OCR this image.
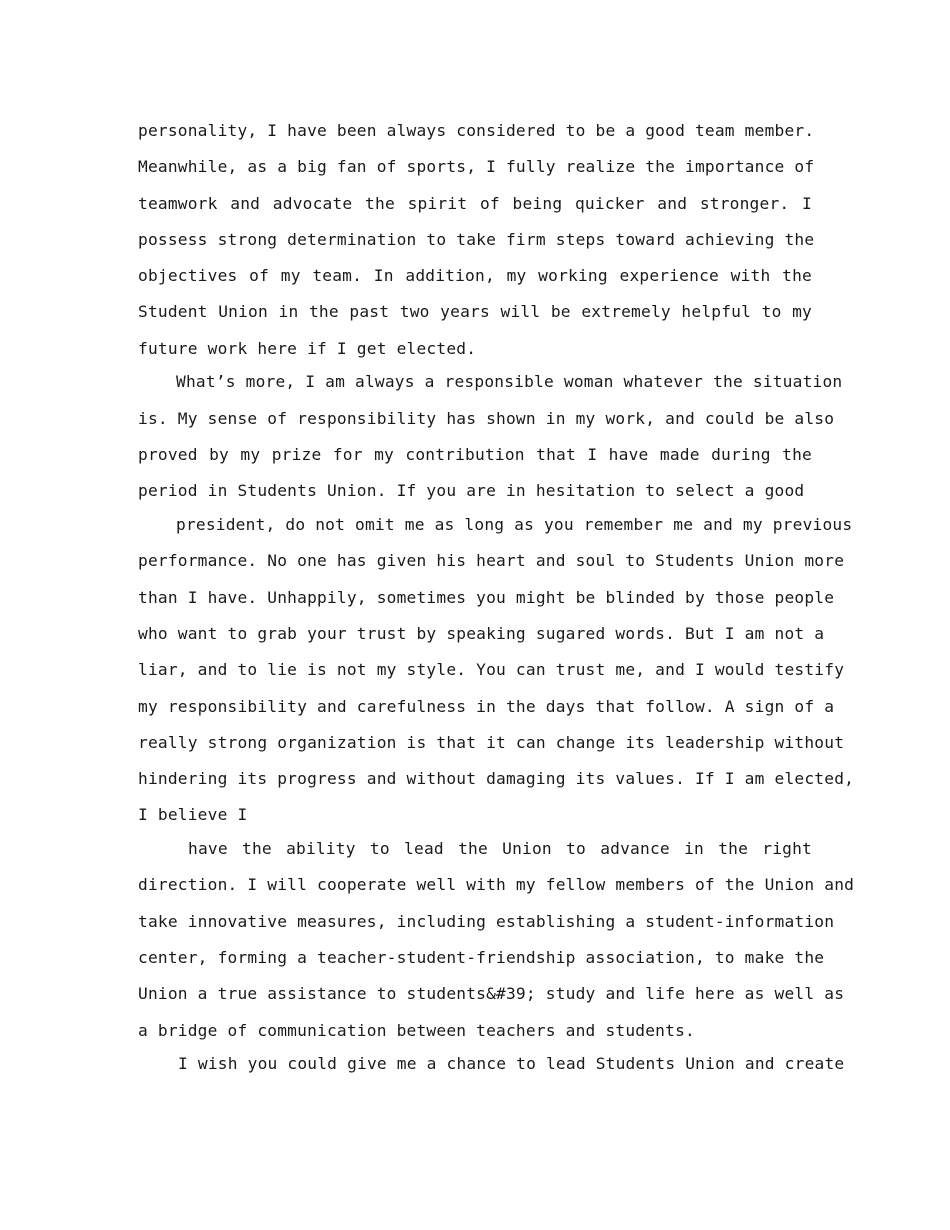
personality, I have been always considered to be a good team member.
Meanwhile, as a big fan of sports, I fully realize the importance of
teamwork and advocate the spirit of being quicker and stronger. I
possess strong determination to take firm steps toward achieving the
objectives of my team. In addition, my working experience with the
Student Union in the past two years will be extremely helpful to my
future work here if I get elected.
What’s more, I am always a responsible woman whatever the situation
is. My sense of responsibility has shown in my work, and could be also
proved by my prize for my contribution that I have made during the
period in Students Union. If you are in hesitation to select a good
president, do not omit me as long as you remember me and my previous
performance. No one has given his heart and soul to Students Union more
than I have. Unhappily, sometimes you might be blinded by those people
who want to grab your trust by speaking sugared words. But I am not a
liar, and to lie is not my style. You can trust me, and I would testify
my responsibility and carefulness in the days that follow. A sign of a
really strong organization is that it can change its leadership without
hindering its progress and without damaging its values. If I am elected,
I believe I
have the ability to lead the Union to advance in the right
direction. I will cooperate well with my fellow members of the Union and
take innovative measures, including establishing a student-information
center, forming a teacher-student-friendship association, to make the
Union a true assistance to students&#39; study and life here as well as
a bridge of communication between teachers and students.
I wish you could give me a chance to lead Students Union and create
